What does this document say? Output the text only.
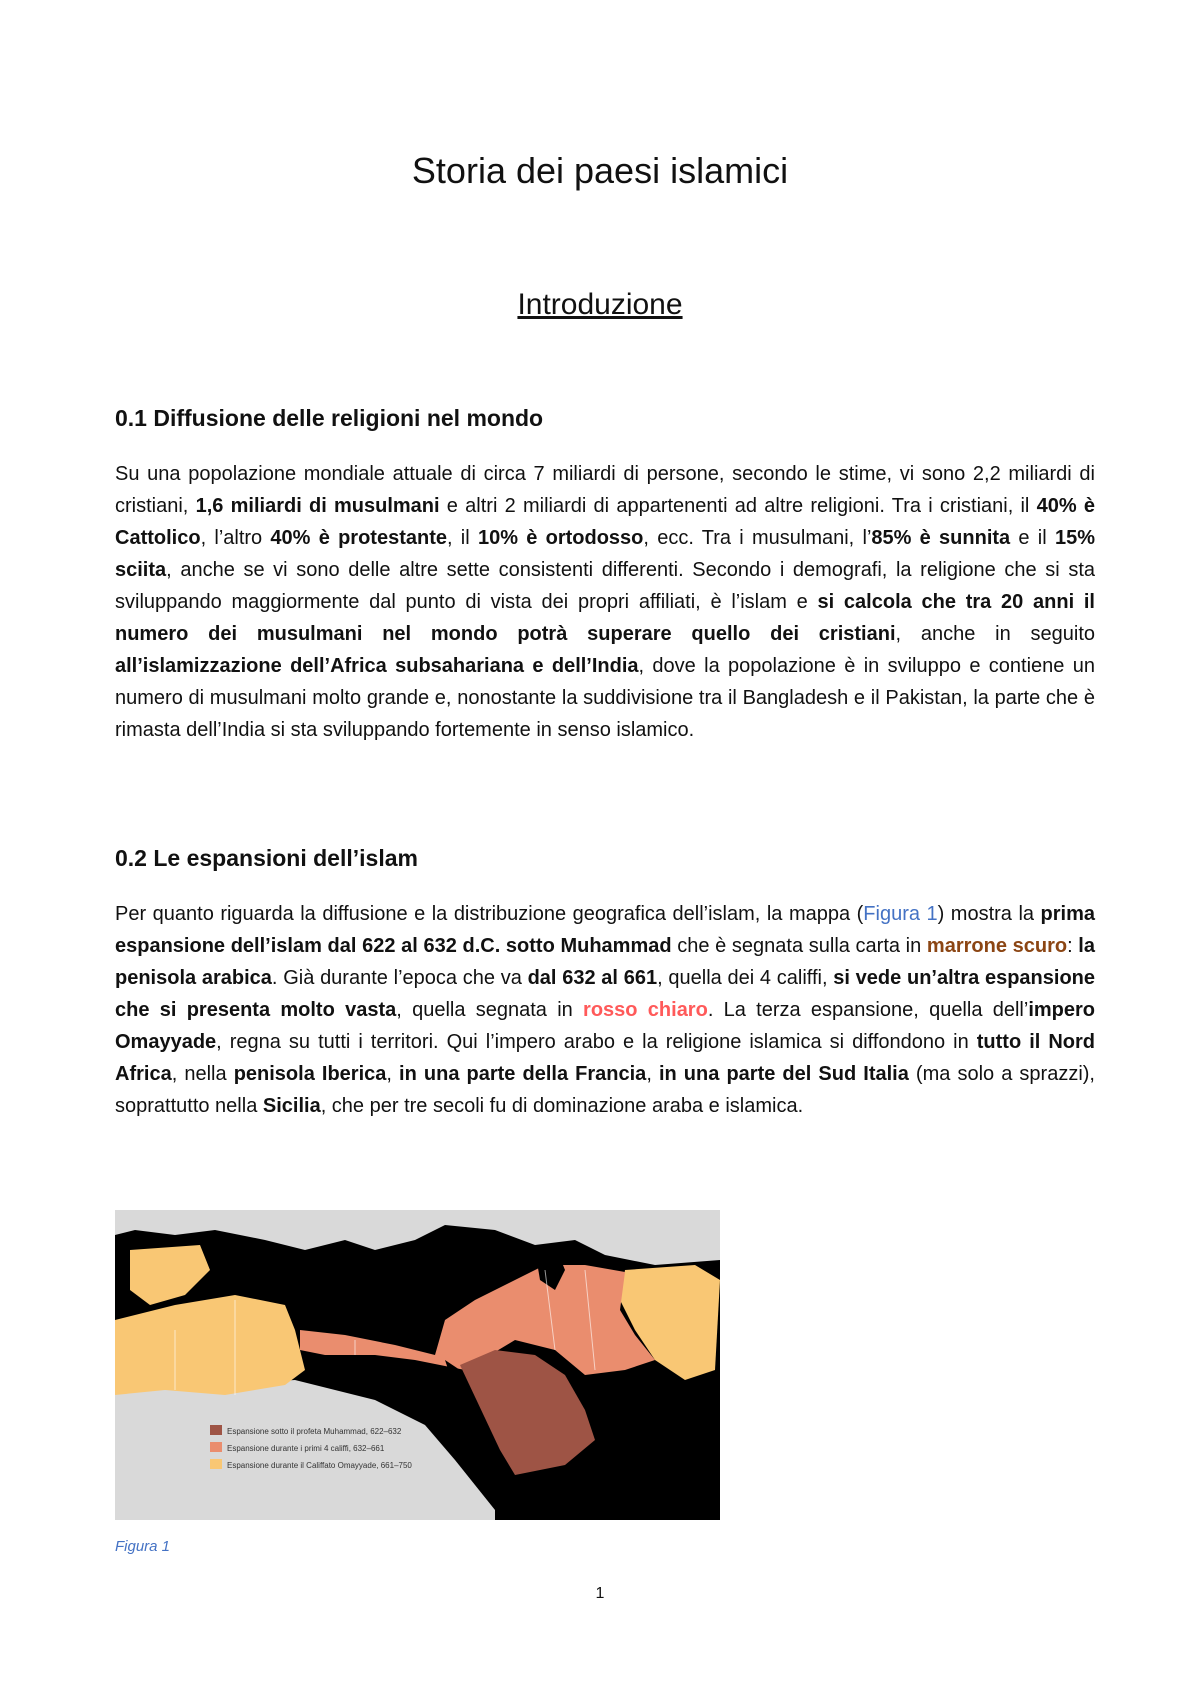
Storia dei paesi islamici
Introduzione
0.1 Diffusione delle religioni nel mondo

Su una popolazione mondiale attuale di circa 7 miliardi di persone, secondo le stime, vi sono 2,2 miliardi di cristiani, 1,6 miliardi di musulmani e altri 2 miliardi di appartenenti ad altre religioni. Tra i cristiani, il 40% è Cattolico, l’altro 40% è protestante, il 10% è ortodosso, ecc. Tra i musulmani, l’85% è sunnita e il 15% sciita, anche se vi sono delle altre sette consistenti differenti. Secondo i demografi, la religione che si sta sviluppando maggiormente dal punto di vista dei propri affiliati, è l’islam e si calcola che tra 20 anni il numero dei musulmani nel mondo potrà superare quello dei cristiani, anche in seguito all’islamizzazione dell’Africa subsahariana e dell’India, dove la popolazione è in sviluppo e contiene un numero di musulmani molto grande e, nonostante la suddivisione tra il Bangladesh e il Pakistan, la parte che è rimasta dell’India si sta sviluppando fortemente in senso islamico.

0.2 Le espansioni dell’islam

Per quanto riguarda la diffusione e la distribuzione geografica dell’islam, la mappa (Figura 1) mostra la prima espansione dell’islam dal 622 al 632 d.C. sotto Muhammad che è segnata sulla carta in marrone scuro: la penisola arabica. Già durante l’epoca che va dal 632 al 661, quella dei 4 califfi, si vede un’altra espansione che si presenta molto vasta, quella segnata in rosso chiaro. La terza espansione, quella dell’impero Omayyade, regna su tutti i territori. Qui l’impero arabo e la religione islamica si diffondono in tutto il Nord Africa, nella penisola Iberica, in una parte della Francia, in una parte del Sud Italia (ma solo a sprazzi), soprattutto nella Sicilia, che per tre secoli fu di dominazione araba e islamica.

Espansione sotto il profeta Muhammad, 622–632
Espansione durante i primi 4 califfi, 632–661
Espansione durante il Califfato Omayyade, 661–750
Figura 1
1
